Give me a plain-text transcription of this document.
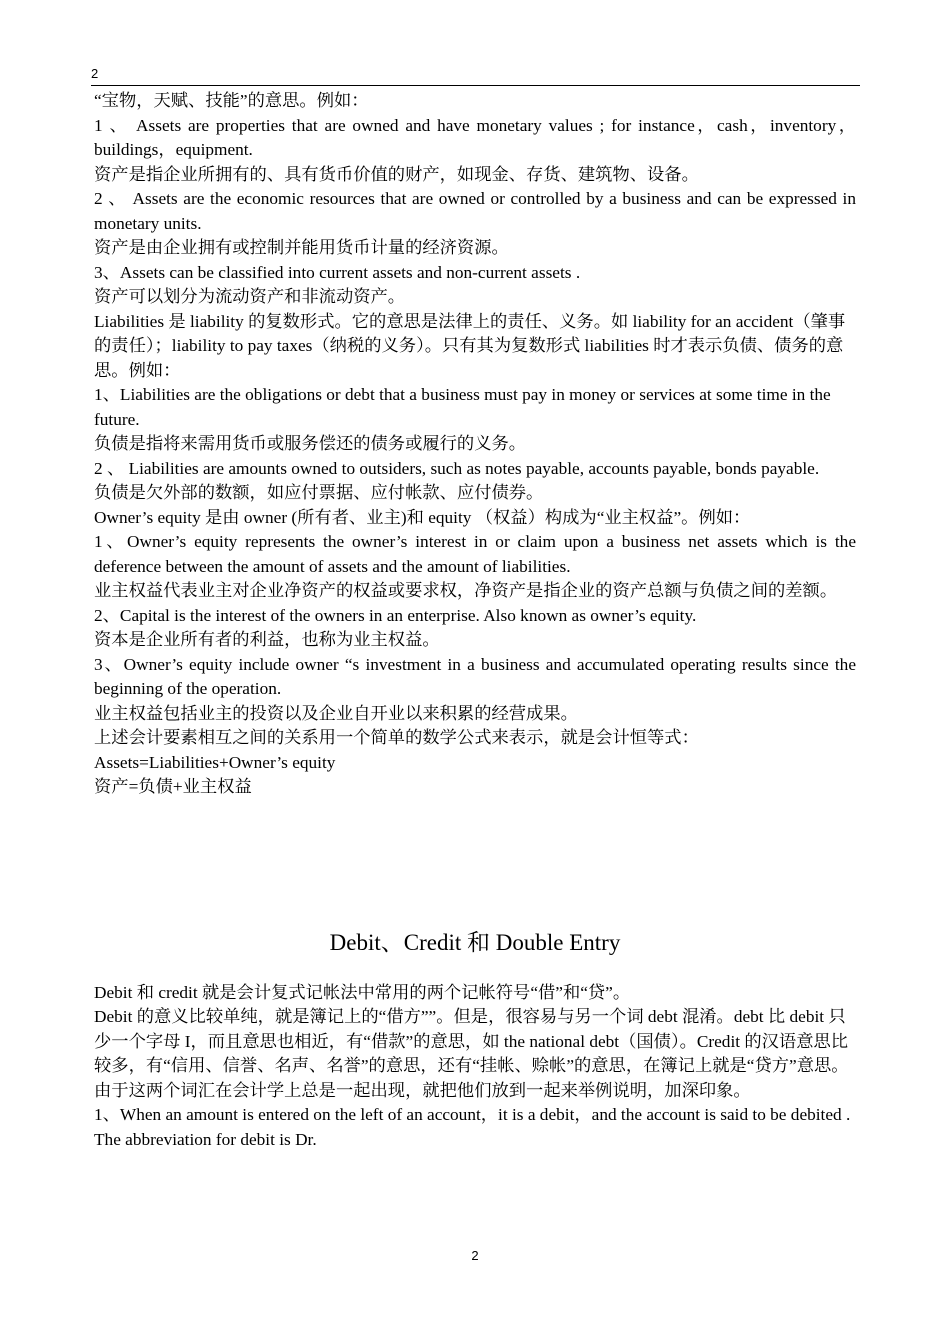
2

“宝物，天赋、技能”的意思。例如：

1 、 Assets are properties that are owned and have monetary values ; for instance，cash，inventory，buildings，equipment.

资产是指企业所拥有的、具有货币价值的财产，如现金、存货、建筑物、设备。

2 、 Assets are the economic resources that are owned or controlled by a business and can be expressed in monetary units.

资产是由企业拥有或控制并能用货币计量的经济资源。

3、Assets can be classified into current assets and non-current assets .

资产可以划分为流动资产和非流动资产。

Liabilities 是 liability 的复数形式。它的意思是法律上的责任、义务。如 liability for an accident（肇事的责任）；liability to pay taxes（纳税的义务）。只有其为复数形式 liabilities 时才表示负债、债务的意思。例如：

1、Liabilities are the obligations or debt that a business must pay in money or services at some time in the future.

负债是指将来需用货币或服务偿还的债务或履行的义务。

2 、 Liabilities are amounts owned to outsiders, such as notes payable, accounts payable, bonds payable.

负债是欠外部的数额，如应付票据、应付帐款、应付债券。

Owner’s equity 是由 owner (所有者、业主)和 equity （权益）构成为“业主权益”。例如：

1、Owner’s equity represents the owner’s interest in or claim upon a business net assets which is the deference between the amount of assets and the amount of liabilities.

业主权益代表业主对企业净资产的权益或要求权，净资产是指企业的资产总额与负债之间的差额。

2、Capital is the interest of the owners in an enterprise. Also known as owner’s equity.

资本是企业所有者的利益，也称为业主权益。

3、Owner’s equity include owner “s investment in a business and accumulated operating results since the beginning of the operation.

业主权益包括业主的投资以及企业自开业以来积累的经营成果。

上述会计要素相互之间的关系用一个简单的数学公式来表示，就是会计恒等式：

Assets=Liabilities+Owner’s equity

资产=负债+业主权益

Debit、Credit 和 Double Entry

Debit 和 credit 就是会计复式记帐法中常用的两个记帐符号“借”和“贷”。

Debit 的意义比较单纯，就是簿记上的“借方””。但是，很容易与另一个词 debt 混淆。debt 比 debit 只少一个字母 I，而且意思也相近，有“借款”的意思，如 the national debt（国债）。Credit 的汉语意思比较多，有“信用、信誉、名声、名誉”的意思，还有“挂帐、赊帐”的意思，在簿记上就是“贷方”意思。

由于这两个词汇在会计学上总是一起出现，就把他们放到一起来举例说明，加深印象。

1、When an amount is entered on the left of an account，it is a debit，and the account is said to be debited . The abbreviation for debit is Dr.

2
